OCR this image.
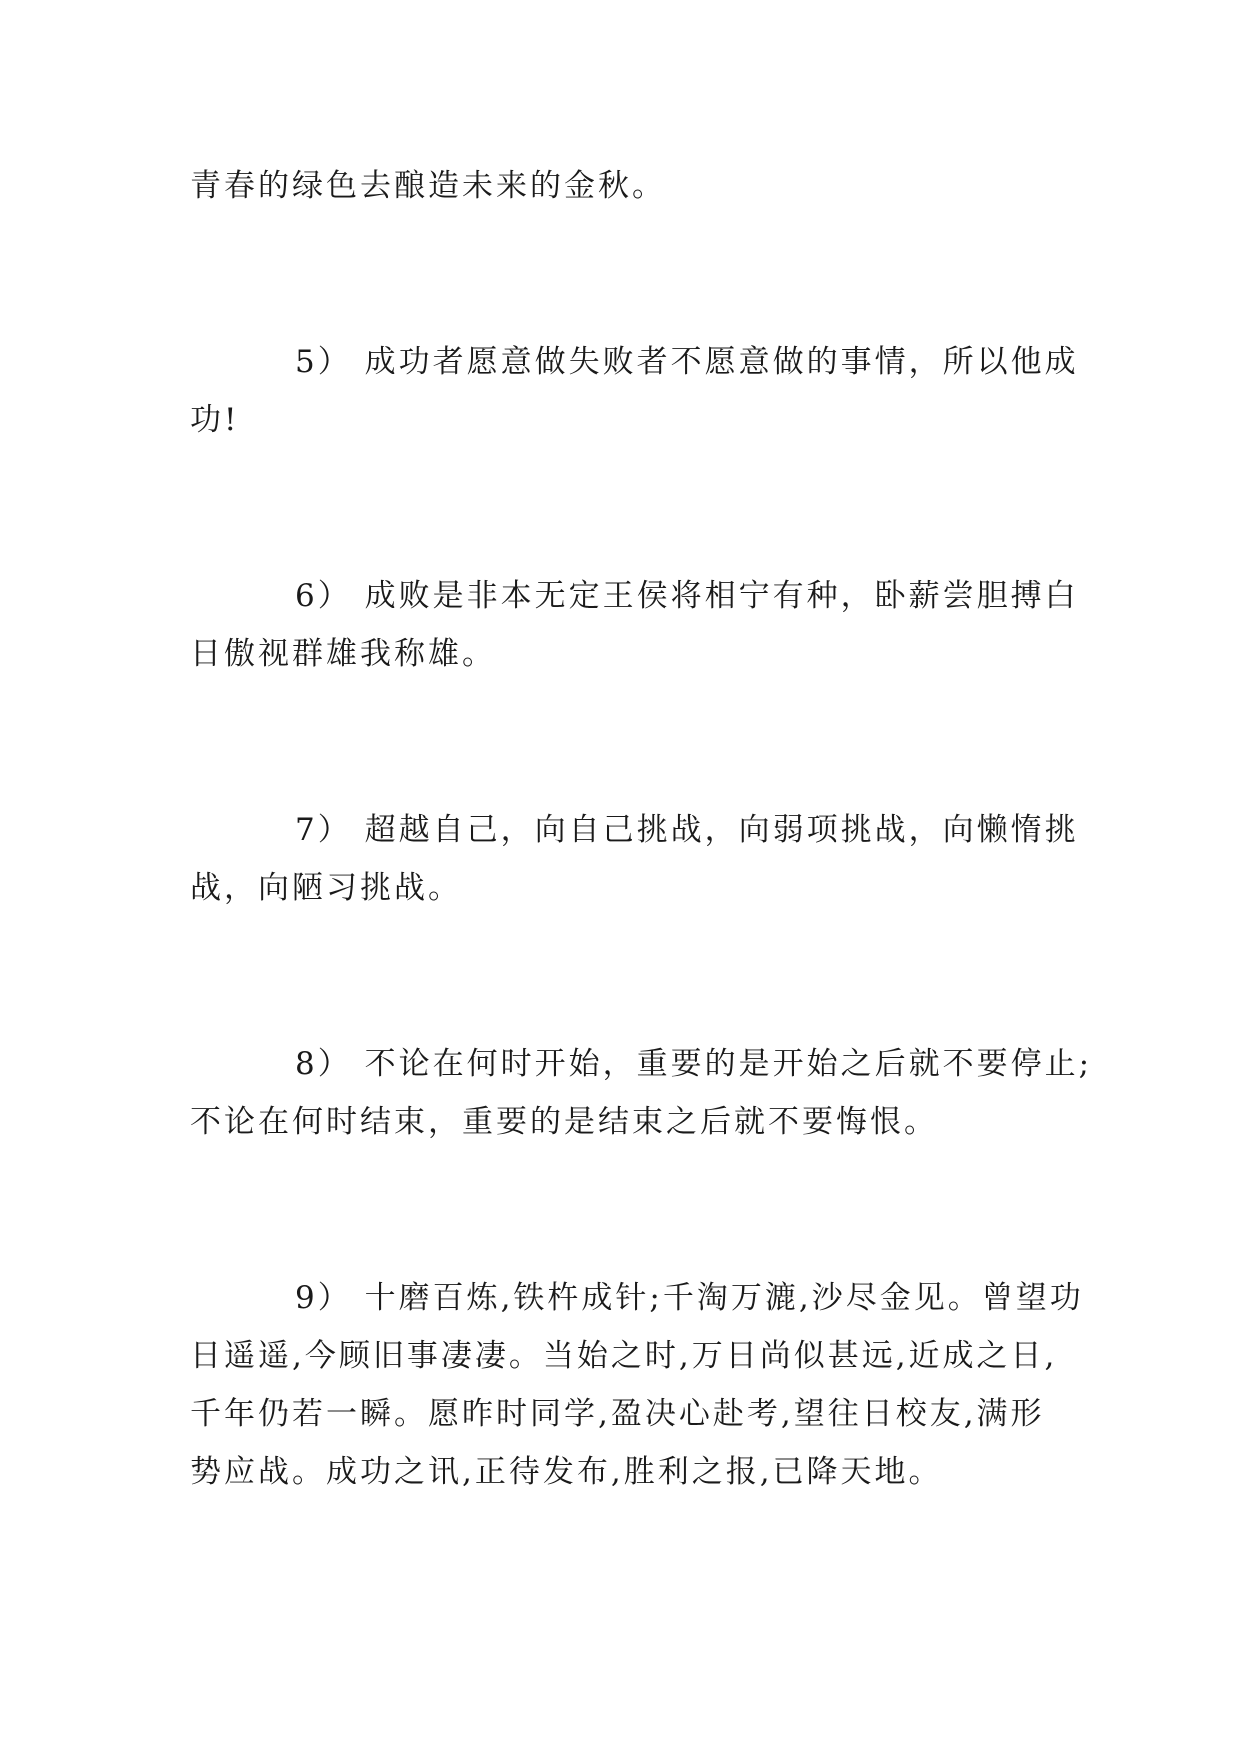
青春的绿色去酿造未来的金秋。
5） 成功者愿意做失败者不愿意做的事情，所以他成
功!
6） 成败是非本无定王侯将相宁有种，卧薪尝胆搏白
日傲视群雄我称雄。
7） 超越自己，向自己挑战，向弱项挑战，向懒惰挑
战，向陋习挑战。
8） 不论在何时开始，重要的是开始之后就不要停止;
不论在何时结束，重要的是结束之后就不要悔恨。
9） 十磨百炼,铁杵成针;千淘万漉,沙尽金见。曾望功
日遥遥,今顾旧事凄凄。当始之时,万日尚似甚远,近成之日,
千年仍若一瞬。愿昨时同学,盈决心赴考,望往日校友,满形
势应战。成功之讯,正待发布,胜利之报,已降天地。
